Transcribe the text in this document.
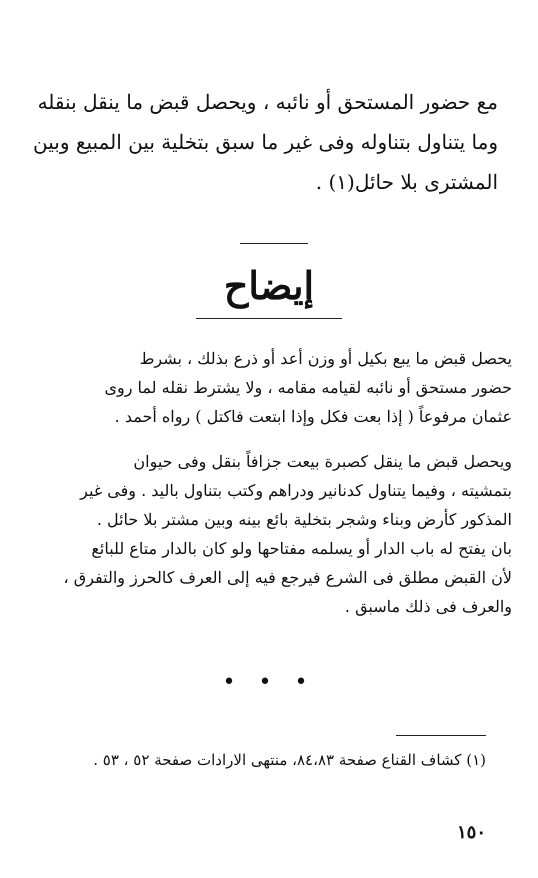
مع حضور المستحق أو نائبه ، ويحصل قبض ما ينقل بنقله
وما يتناول بتناوله وفى غير ما سبق بتخلية بين المبيع وبين
المشترى بلا حائل(١) .
إيضاح
يحصل قبض ما يبع بكيل أو وزن أعد أو ذرع بذلك ، بشرط
حضور مستحق أو نائبه لقيامه مقامه ، ولا يشترط نقله لما روى
عثمان مرفوعاً ( إذا بعت فكل وإذا ابتعت فاكتل ) رواه أحمد .
ويحصل قبض ما ينقل كصبرة بيعت جزافاً بنقل وفى حيوان
بتمشيته ، وفيما يتناول كدنانير ودراهم وكتب بتناول باليد . وفى غير
المذكور كأرض وبناء وشجر بتخلية بائع بينه وبين مشتر بلا حائل .
بان يفتح له باب الدار أو يسلمه مفتاحها ولو كان بالدار متاع للبائع
لأن القبض مطلق فى الشرع فيرجع فيه إلى العرف كالحرز والتفرق ،
والعرف فى ذلك ماسبق .
• • •
(١) كشاف القناع صفحة ٨٤،٨٣، منتهى الارادات صفحة ٥٢ ، ٥٣ .
١٥٠
